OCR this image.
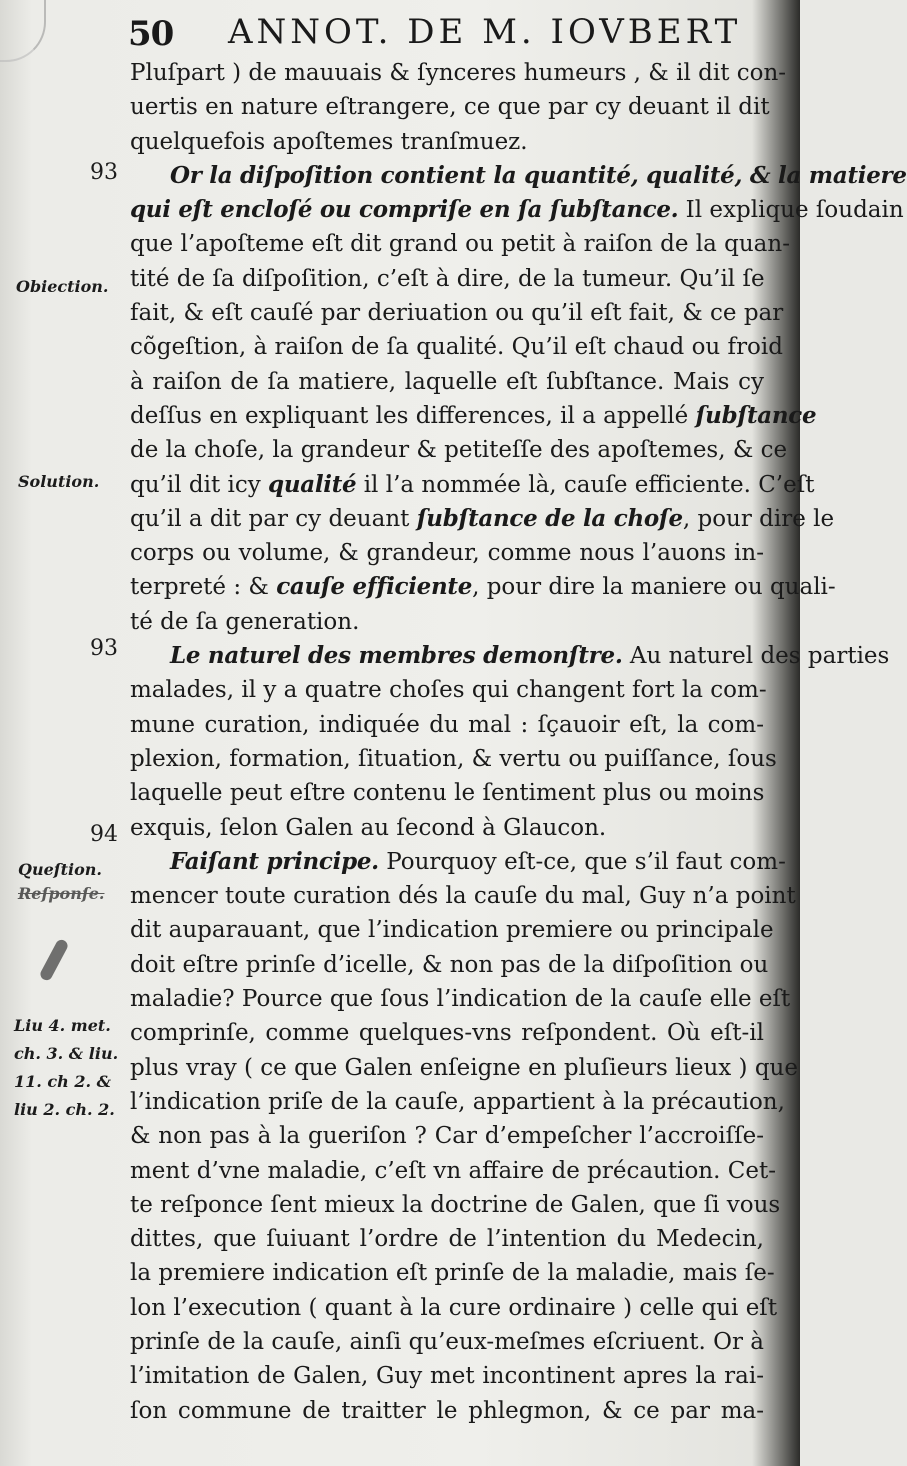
50 ANNOT. DE M. IOVBERT
Pluſpart ) de mauuais & ſynceres humeurs , & il dit con-
uertis en nature eſtrangere, ce que par cy deuant il dit
quelquefois apoſtemes tranſmuez.
Or la diſpoſition contient la quantité, qualité, & la matiere
qui eſt encloſé ou compriſe en ſa ſubſtance. Il explique ſoudain
que l’apoſteme eſt dit grand ou petit à raiſon de la quan-
tité de ſa diſpoſition, c’eſt à dire, de la tumeur. Qu’il ſe
fait, & eſt cauſé par deriuation ou qu’il eſt fait, & ce par
cõgeſtion, à raiſon de ſa qualité. Qu’il eſt chaud ou froid
à raiſon de ſa matiere, laquelle eſt ſubſtance. Mais cy
deſſus en expliquant les differences, il a appellé ſubſtance
de la choſe, la grandeur & petiteſſe des apoſtemes, & ce
qu’il dit icy qualité il l’a nommée là, cauſe efficiente. C’eſt
qu’il a dit par cy deuant ſubſtance de la choſe, pour dire le
corps ou volume, & grandeur, comme nous l’auons in-
terpreté : & cauſe efficiente, pour dire la maniere ou quali-
té de ſa generation.
Le naturel des membres demonſtre. Au naturel des parties
malades, il y a quatre choſes qui changent fort la com-
mune curation, indiquée du mal : ſçauoir eſt, la com-
plexion, formation, ſituation, & vertu ou puiſſance, ſous
laquelle peut eſtre contenu le ſentiment plus ou moins
exquis, ſelon Galen au ſecond à Glaucon.
Faiſant principe. Pourquoy eſt-ce, que s’il faut com-
mencer toute curation dés la cauſe du mal, Guy n’a point
dit auparauant, que l’indication premiere ou principale
doit eſtre prinſe d’icelle, & non pas de la diſpoſition ou
maladie? Pource que ſous l’indication de la cauſe elle eſt
comprinſe, comme quelques-vns reſpondent. Où eſt-il
plus vray ( ce que Galen enſeigne en pluſieurs lieux ) que
l’indication priſe de la cauſe, appartient à la précaution,
& non pas à la gueriſon ? Car d’empeſcher l’accroiſſe-
ment d’vne maladie, c’eſt vn affaire de précaution. Cet-
te reſponce ſent mieux la doctrine de Galen, que ſi vous
dittes, que ſuiuant l’ordre de l’intention du Medecin,
la premiere indication eſt prinſe de la maladie, mais ſe-
lon l’execution ( quant à la cure ordinaire ) celle qui eſt
prinſe de la cauſe, ainſi qu’eux-meſmes eſcriuent. Or à
l’imitation de Galen, Guy met incontinent apres la rai-
ſon commune de traitter le phlegmon, & ce par ma-
93
93
94
Obiection.
Solution.
Queſtion.
Reſponſe.
Liu 4. met.
ch. 3. & liu.
11. ch 2. &
liu 2. ch. 2.
